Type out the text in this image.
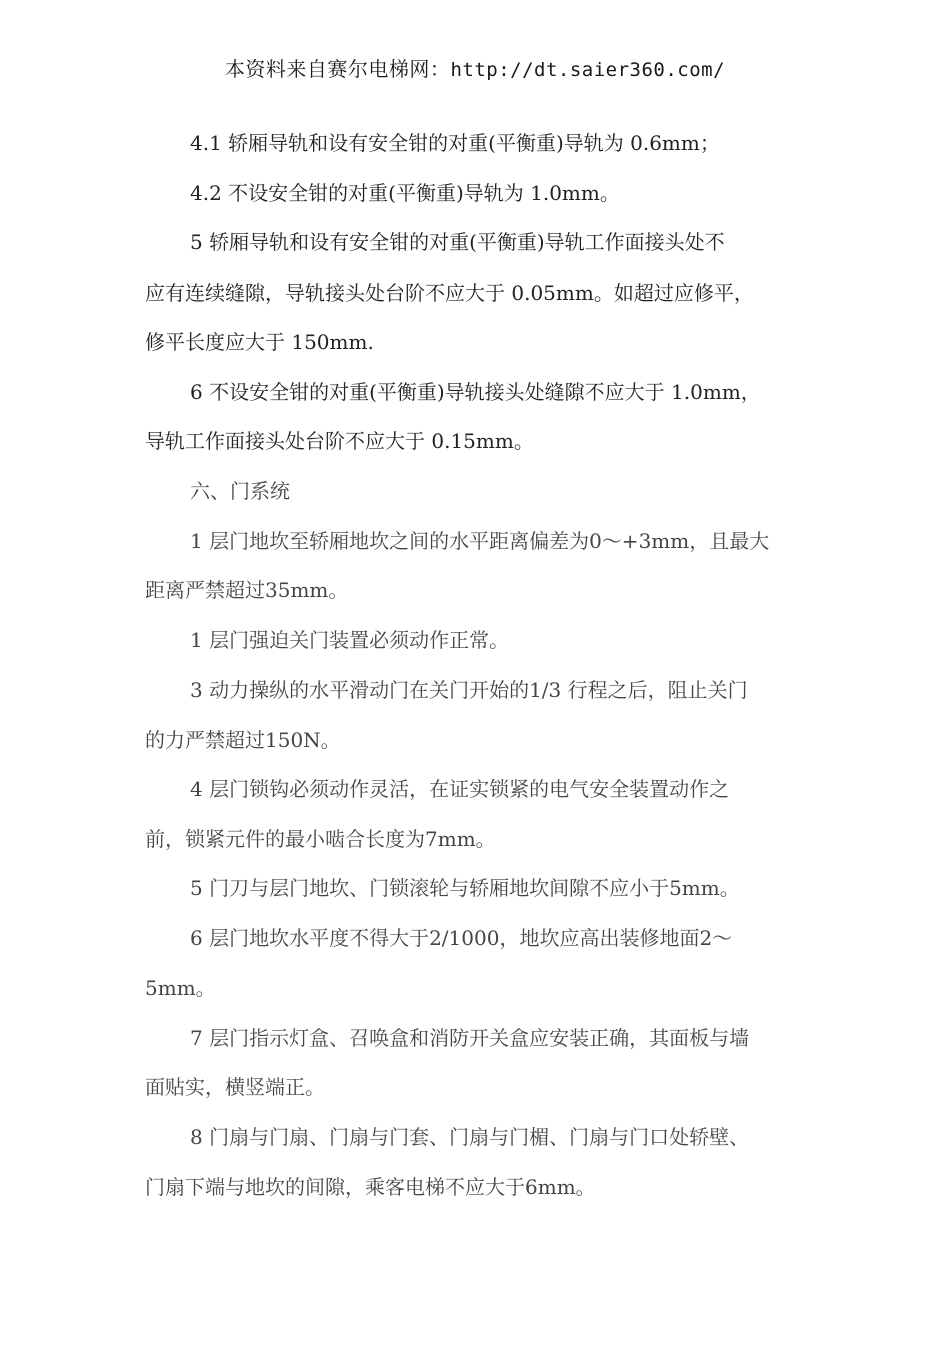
本资料来自赛尔电梯网：http://dt.saier360.com/
4.1 轿厢导轨和设有安全钳的对重(平衡重)导轨为 0.6mm；
4.2 不设安全钳的对重(平衡重)导轨为 1.0mm。
5 轿厢导轨和设有安全钳的对重(平衡重)导轨工作面接头处不
应有连续缝隙，导轨接头处台阶不应大于 0.05mm。如超过应修平，
修平长度应大于 150mm.
6 不设安全钳的对重(平衡重)导轨接头处缝隙不应大于 1.0mm，
导轨工作面接头处台阶不应大于 0.15mm。
六、门系统
1 层门地坎至轿厢地坎之间的水平距离偏差为0～+3mm，且最大
距离严禁超过35mm。
1 层门强迫关门装置必须动作正常。
3 动力操纵的水平滑动门在关门开始的1/3 行程之后，阻止关门
的力严禁超过150N。
4 层门锁钩必须动作灵活，在证实锁紧的电气安全装置动作之
前，锁紧元件的最小啮合长度为7mm。
5 门刀与层门地坎、门锁滚轮与轿厢地坎间隙不应小于5mm。
6 层门地坎水平度不得大于2/1000，地坎应高出装修地面2～
5mm。
7 层门指示灯盒、召唤盒和消防开关盒应安装正确，其面板与墙
面贴实，横竖端正。
8 门扇与门扇、门扇与门套、门扇与门楣、门扇与门口处轿壁、
门扇下端与地坎的间隙，乘客电梯不应大于6mm。
